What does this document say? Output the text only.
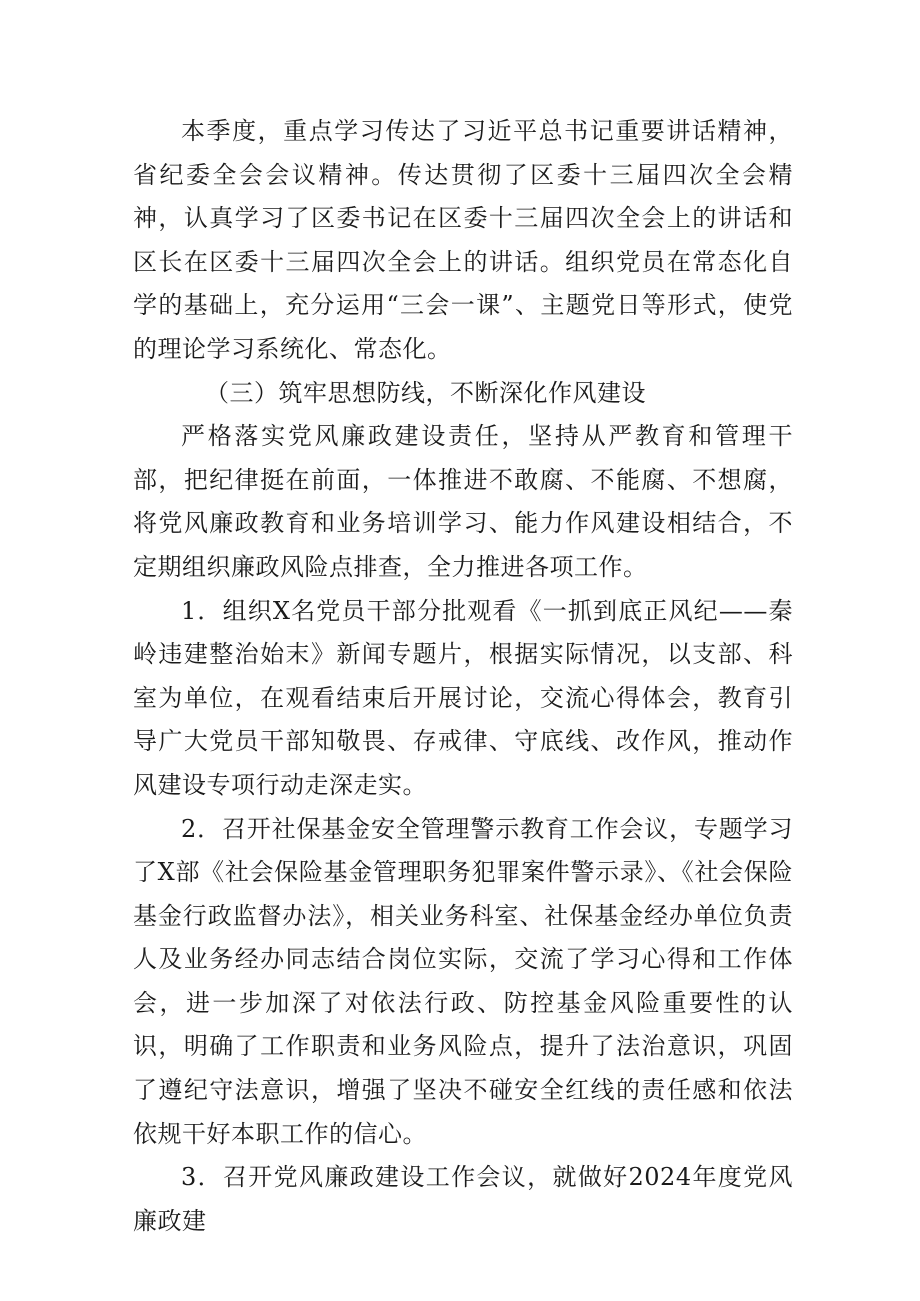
本季度，重点学习传达了习近平总书记重要讲话精神，省纪委全会会议精神。传达贯彻了区委十三届四次全会精神，认真学习了区委书记在区委十三届四次全会上的讲话和区长在区委十三届四次全会上的讲话。组织党员在常态化自学的基础上，充分运用“三会一课”、主题党日等形式，使党的理论学习系统化、常态化。

（三）筑牢思想防线，不断深化作风建设

严格落实党风廉政建设责任，坚持从严教育和管理干部，把纪律挺在前面，一体推进不敢腐、不能腐、不想腐，将党风廉政教育和业务培训学习、能力作风建设相结合，不定期组织廉政风险点排查，全力推进各项工作。

1．组织X名党员干部分批观看《一抓到底正风纪——秦岭违建整治始末》新闻专题片，根据实际情况，以支部、科室为单位，在观看结束后开展讨论，交流心得体会，教育引导广大党员干部知敬畏、存戒律、守底线、改作风，推动作风建设专项行动走深走实。

2．召开社保基金安全管理警示教育工作会议，专题学习了X部《社会保险基金管理职务犯罪案件警示录》、《社会保险基金行政监督办法》，相关业务科室、社保基金经办单位负责人及业务经办同志结合岗位实际，交流了学习心得和工作体会，进一步加深了对依法行政、防控基金风险重要性的认识，明确了工作职责和业务风险点，提升了法治意识，巩固了遵纪守法意识，增强了坚决不碰安全红线的责任感和依法依规干好本职工作的信心。

3．召开党风廉政建设工作会议，就做好2024年度党风廉政建
